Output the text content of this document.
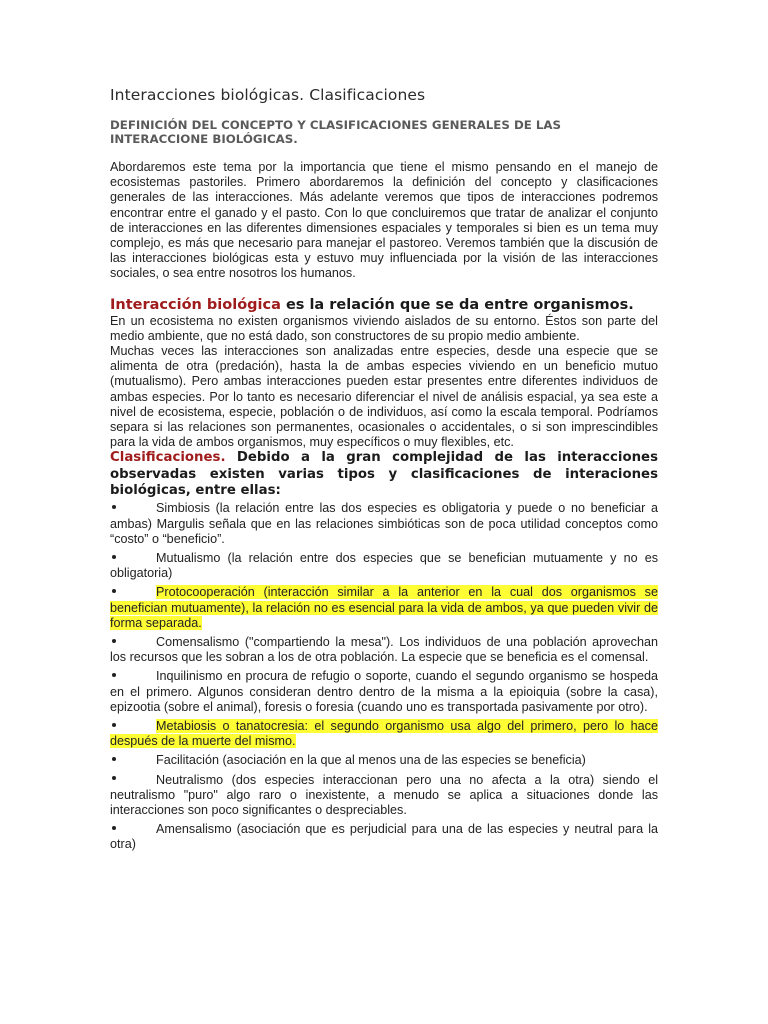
Interacciones biológicas. Clasificaciones

DEFINICIÓN DEL CONCEPTO Y CLASIFICACIONES GENERALES DE LAS INTERACCIONE BIOLÓGICAS.

Abordaremos este tema por la importancia que tiene el mismo pensando en el manejo de ecosistemas pastoriles. Primero abordaremos la definición del concepto y clasificaciones generales de las interacciones. Más adelante veremos que tipos de interacciones podremos encontrar entre el ganado y el pasto. Con lo que concluiremos que tratar de analizar el conjunto de interacciones en las diferentes dimensiones espaciales y temporales si bien es un tema muy complejo, es más que necesario para manejar el pastoreo. Veremos también que la discusión de las interacciones biológicas esta y estuvo muy influenciada por la visión de las interacciones sociales, o sea entre nosotros los humanos.

Interacción biológica es la relación que se da entre organismos.

En un ecosistema no existen organismos viviendo aislados de su entorno. Éstos son parte del medio ambiente, que no está dado, son constructores de su propio medio ambiente.

Muchas veces las interacciones son analizadas entre especies, desde una especie que se alimenta de otra (predación), hasta la de ambas especies viviendo en un beneficio mutuo (mutualismo). Pero ambas interacciones pueden estar presentes entre diferentes individuos de ambas especies. Por lo tanto es necesario diferenciar el nivel de análisis espacial, ya sea este a nivel de ecosistema, especie, población o de individuos, así como la escala temporal. Podríamos separa si las relaciones son permanentes, ocasionales o accidentales, o si son imprescindibles para la vida de ambos organismos, muy específicos o muy flexibles, etc.

Clasificaciones. Debido a la gran complejidad de las interacciones observadas existen varias tipos y clasificaciones de interaciones biológicas, entre ellas:

Simbiosis (la relación entre las dos especies es obligatoria y puede o no beneficiar a ambas) Margulis señala que en las relaciones simbióticas son de poca utilidad conceptos como “costo” o “beneficio”.
Mutualismo (la relación entre dos especies que se benefician mutuamente y no es obligatoria)
Protocooperación (interacción similar a la anterior en la cual dos organismos se benefician mutuamente), la relación no es esencial para la vida de ambos, ya que pueden vivir de forma separada.
Comensalismo ("compartiendo la mesa"). Los individuos de una población aprovechan los recursos que les sobran a los de otra población. La especie que se beneficia es el comensal.
Inquilinismo en procura de refugio o soporte, cuando el segundo organismo se hospeda en el primero. Algunos consideran dentro dentro de la misma a la epioiquia (sobre la casa), epizootia (sobre el animal), foresis o foresia (cuando uno es transportada pasivamente por otro).
Metabiosis o tanatocresia: el segundo organismo usa algo del primero, pero lo hace después de la muerte del mismo.
Facilitación (asociación en la que al menos una de las especies se beneficia)
Neutralismo (dos especies interaccionan pero una no afecta a la otra) siendo el neutralismo "puro" algo raro o inexistente, a menudo se aplica a situaciones donde las interacciones son poco significantes o despreciables.
Amensalismo (asociación que es perjudicial para una de las especies y neutral para la otra)
